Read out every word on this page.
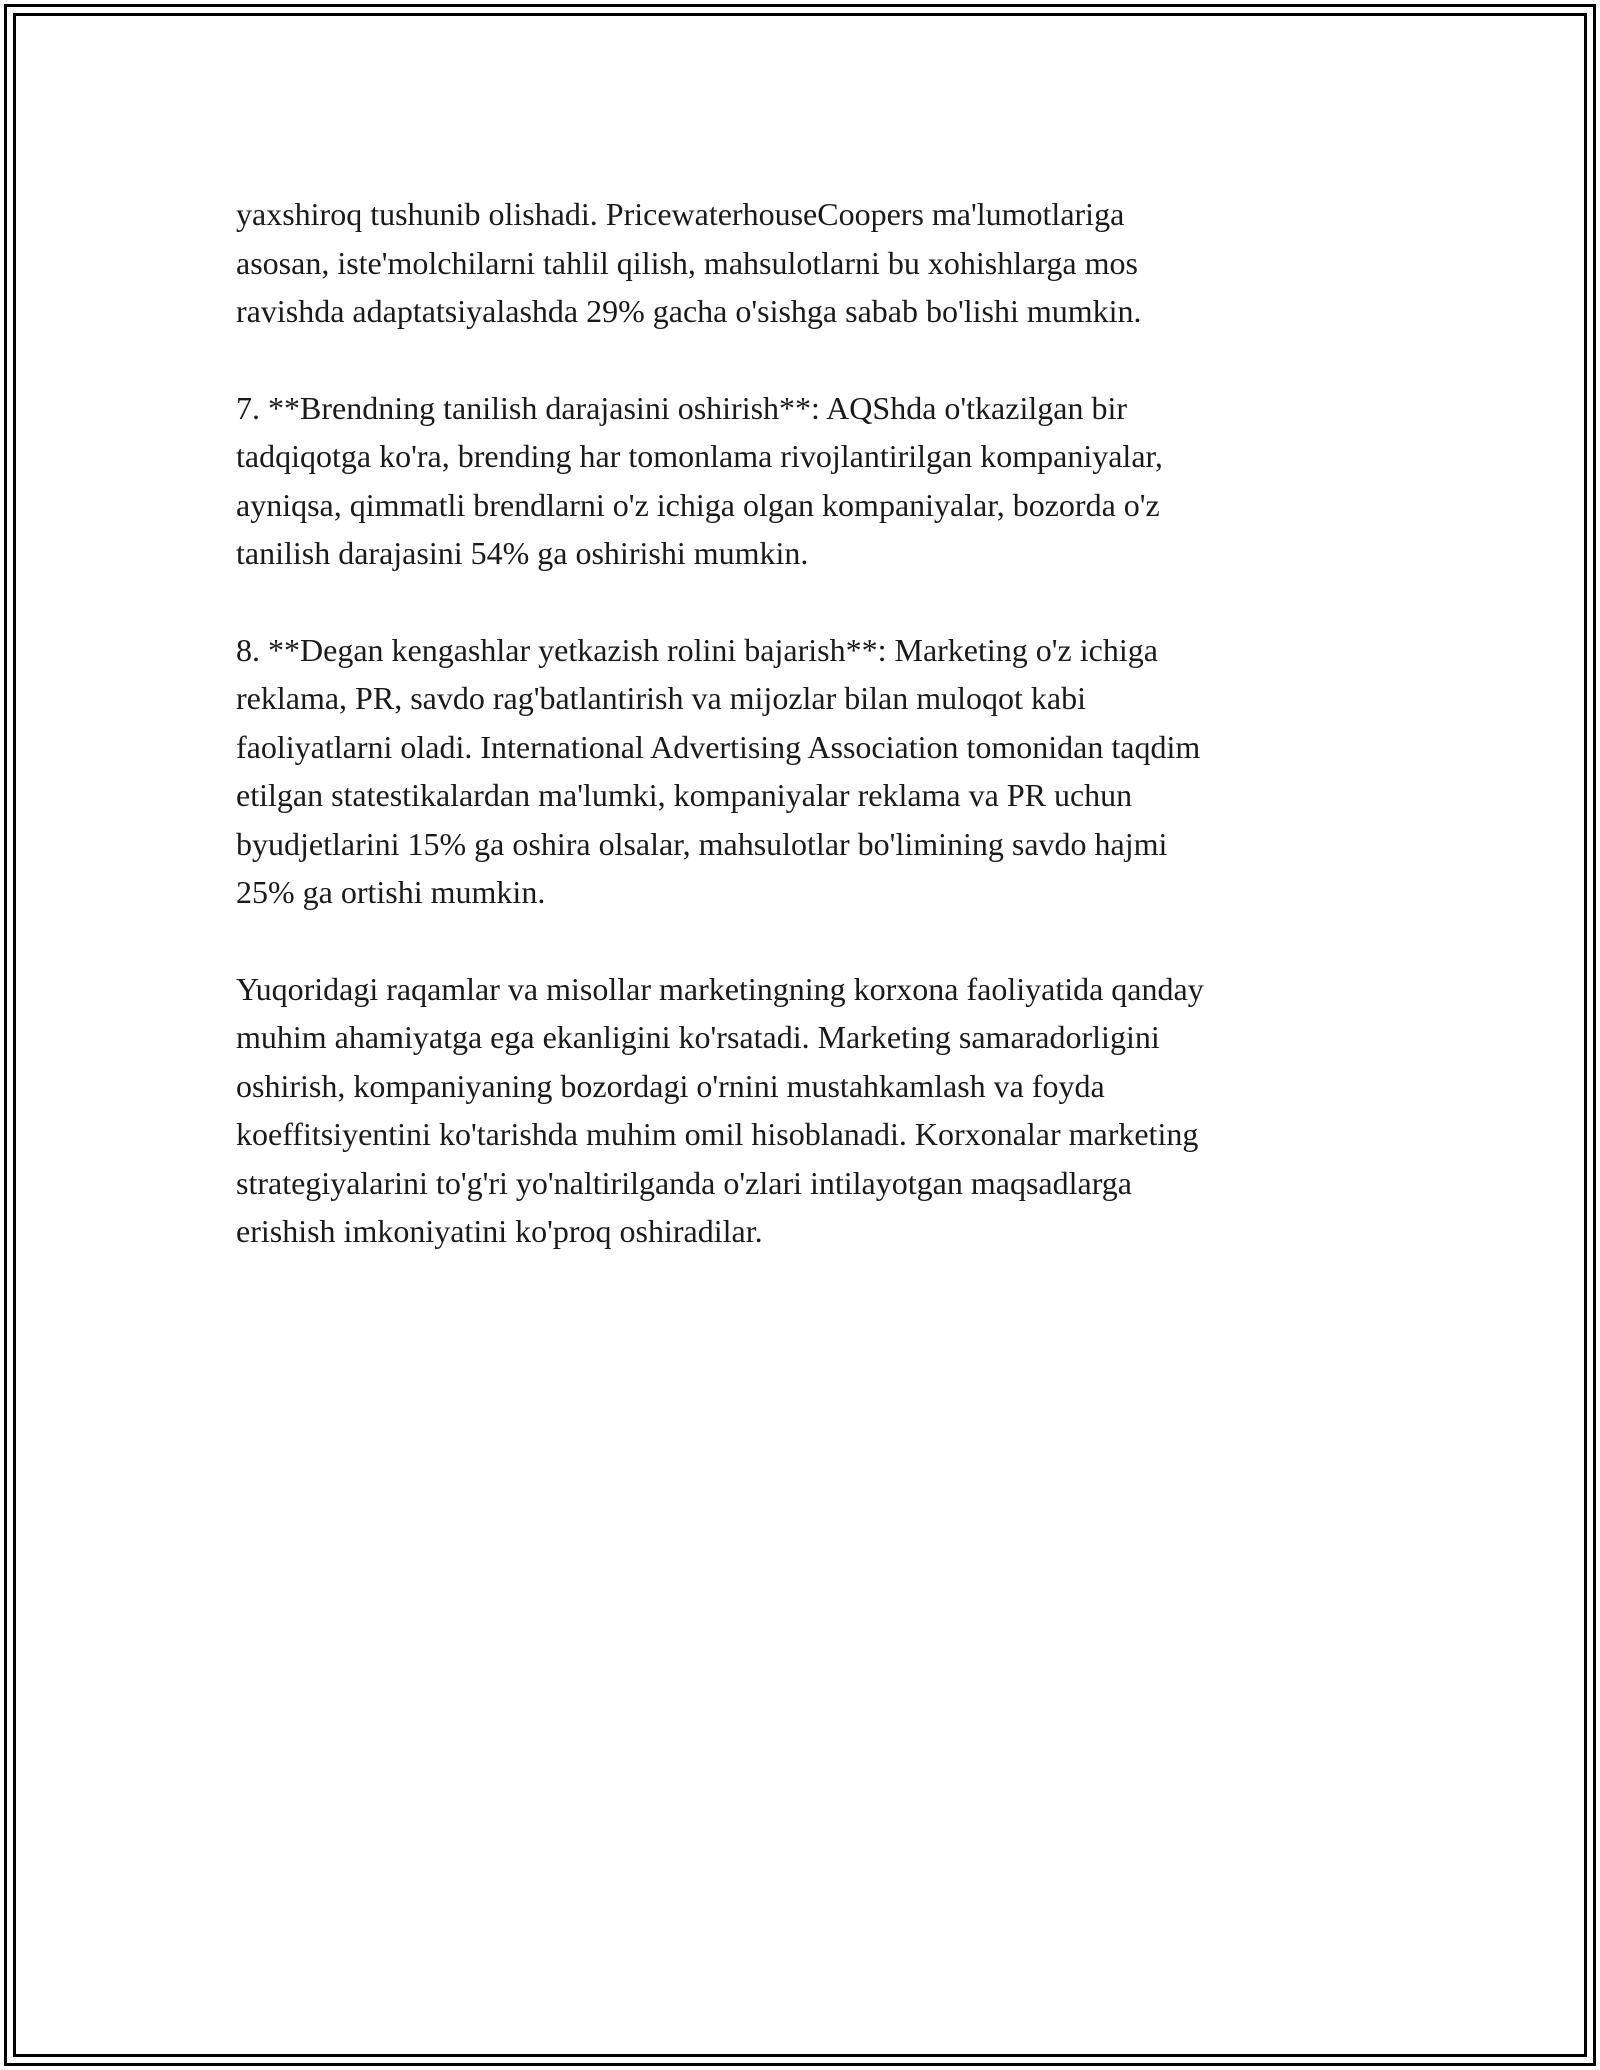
yaxshiroq tushunib olishadi. PricewaterhouseCoopers ma'lumotlariga
asosan, iste'molchilarni tahlil qilish, mahsulotlarni bu xohishlarga mos
ravishda adaptatsiyalashda 29% gacha o'sishga sabab bo'lishi mumkin.

7. **Brendning tanilish darajasini oshirish**: AQShda o'tkazilgan bir
tadqiqotga ko'ra, brending har tomonlama rivojlantirilgan kompaniyalar,
ayniqsa, qimmatli brendlarni o'z ichiga olgan kompaniyalar, bozorda o'z
tanilish darajasini 54% ga oshirishi mumkin.

8. **Degan kengashlar yetkazish rolini bajarish**: Marketing o'z ichiga
reklama, PR, savdo rag'batlantirish va mijozlar bilan muloqot kabi
faoliyatlarni oladi. International Advertising Association tomonidan taqdim
etilgan statestikalardan ma'lumki, kompaniyalar reklama va PR uchun
byudjetlarini 15% ga oshira olsalar, mahsulotlar bo'limining savdo hajmi
25% ga ortishi mumkin.

Yuqoridagi raqamlar va misollar marketingning korxona faoliyatida qanday
muhim ahamiyatga ega ekanligini ko'rsatadi. Marketing samaradorligini
oshirish, kompaniyaning bozordagi o'rnini mustahkamlash va foyda
koeffitsiyentini ko'tarishda muhim omil hisoblanadi. Korxonalar marketing
strategiyalarini to'g'ri yo'naltirilganda o'zlari intilayotgan maqsadlarga
erishish imkoniyatini ko'proq oshiradilar.
